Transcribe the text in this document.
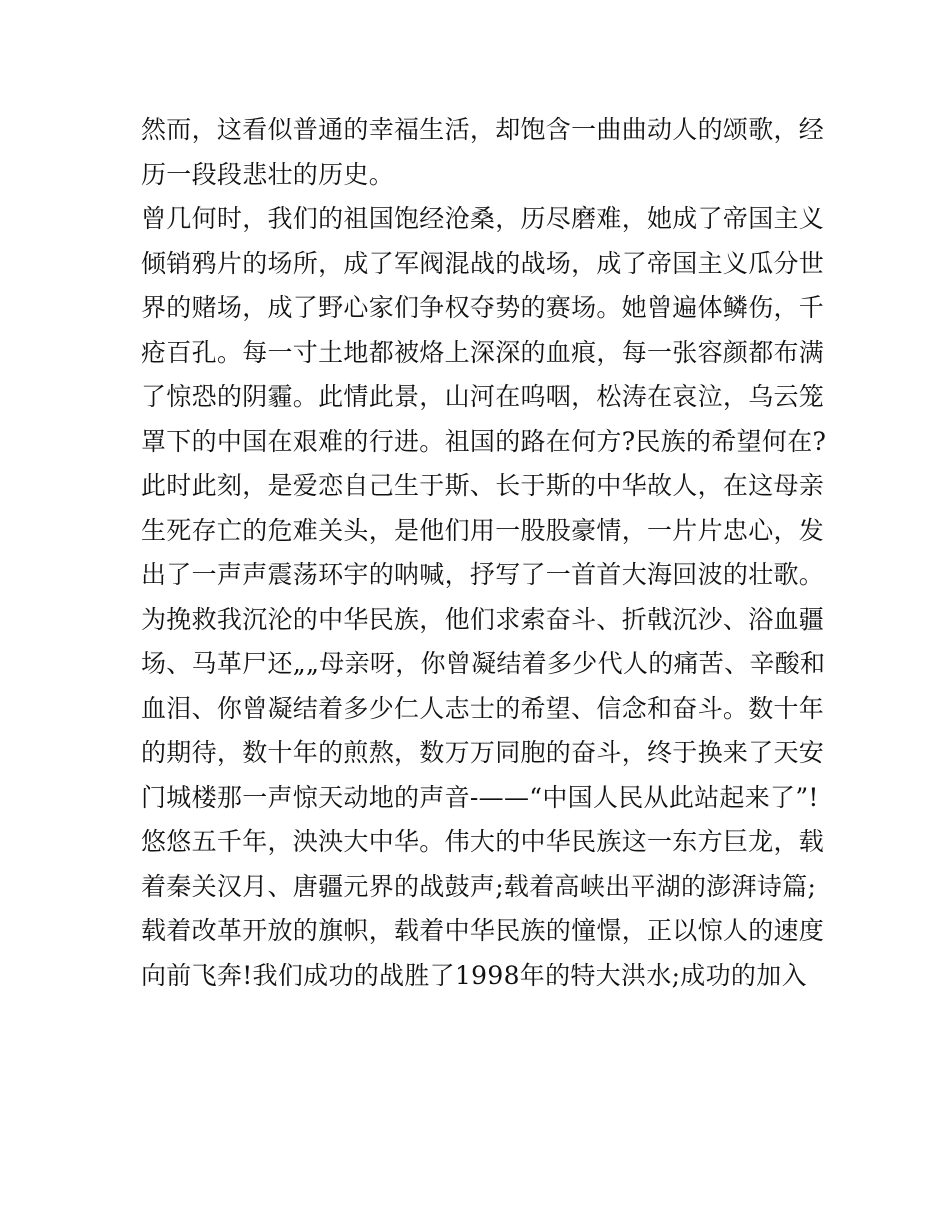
然而，这看似普通的幸福生活，却饱含一曲曲动人的颂歌，经
历一段段悲壮的历史。
曾几何时，我们的祖国饱经沧桑，历尽磨难，她成了帝国主义
倾销鸦片的场所，成了军阀混战的战场，成了帝国主义瓜分世
界的赌场，成了野心家们争权夺势的赛场。她曾遍体鳞伤，千
疮百孔。每一寸土地都被烙上深深的血痕，每一张容颜都布满
了惊恐的阴霾。此情此景，山河在呜咽，松涛在哀泣，乌云笼
罩下的中国在艰难的行进。祖国的路在何方?民族的希望何在?
此时此刻，是爱恋自己生于斯、长于斯的中华故人，在这母亲
生死存亡的危难关头，是他们用一股股豪情，一片片忠心，发
出了一声声震荡环宇的呐喊，抒写了一首首大海回波的壮歌。
为挽救我沉沦的中华民族，他们求索奋斗、折戟沉沙、浴血疆
场、马革尸还„„母亲呀，你曾凝结着多少代人的痛苦、辛酸和
血泪、你曾凝结着多少仁人志士的希望、信念和奋斗。数十年
的期待，数十年的煎熬，数万万同胞的奋斗，终于换来了天安
门城楼那一声惊天动地的声音-——“中国人民从此站起来了”!
悠悠五千年，泱泱大中华。伟大的中华民族这一东方巨龙，载
着秦关汉月、唐疆元界的战鼓声;载着高峡出平湖的澎湃诗篇;
载着改革开放的旗帜，载着中华民族的憧憬，正以惊人的速度
向前飞奔!我们成功的战胜了1998年的特大洪水;成功的加入
